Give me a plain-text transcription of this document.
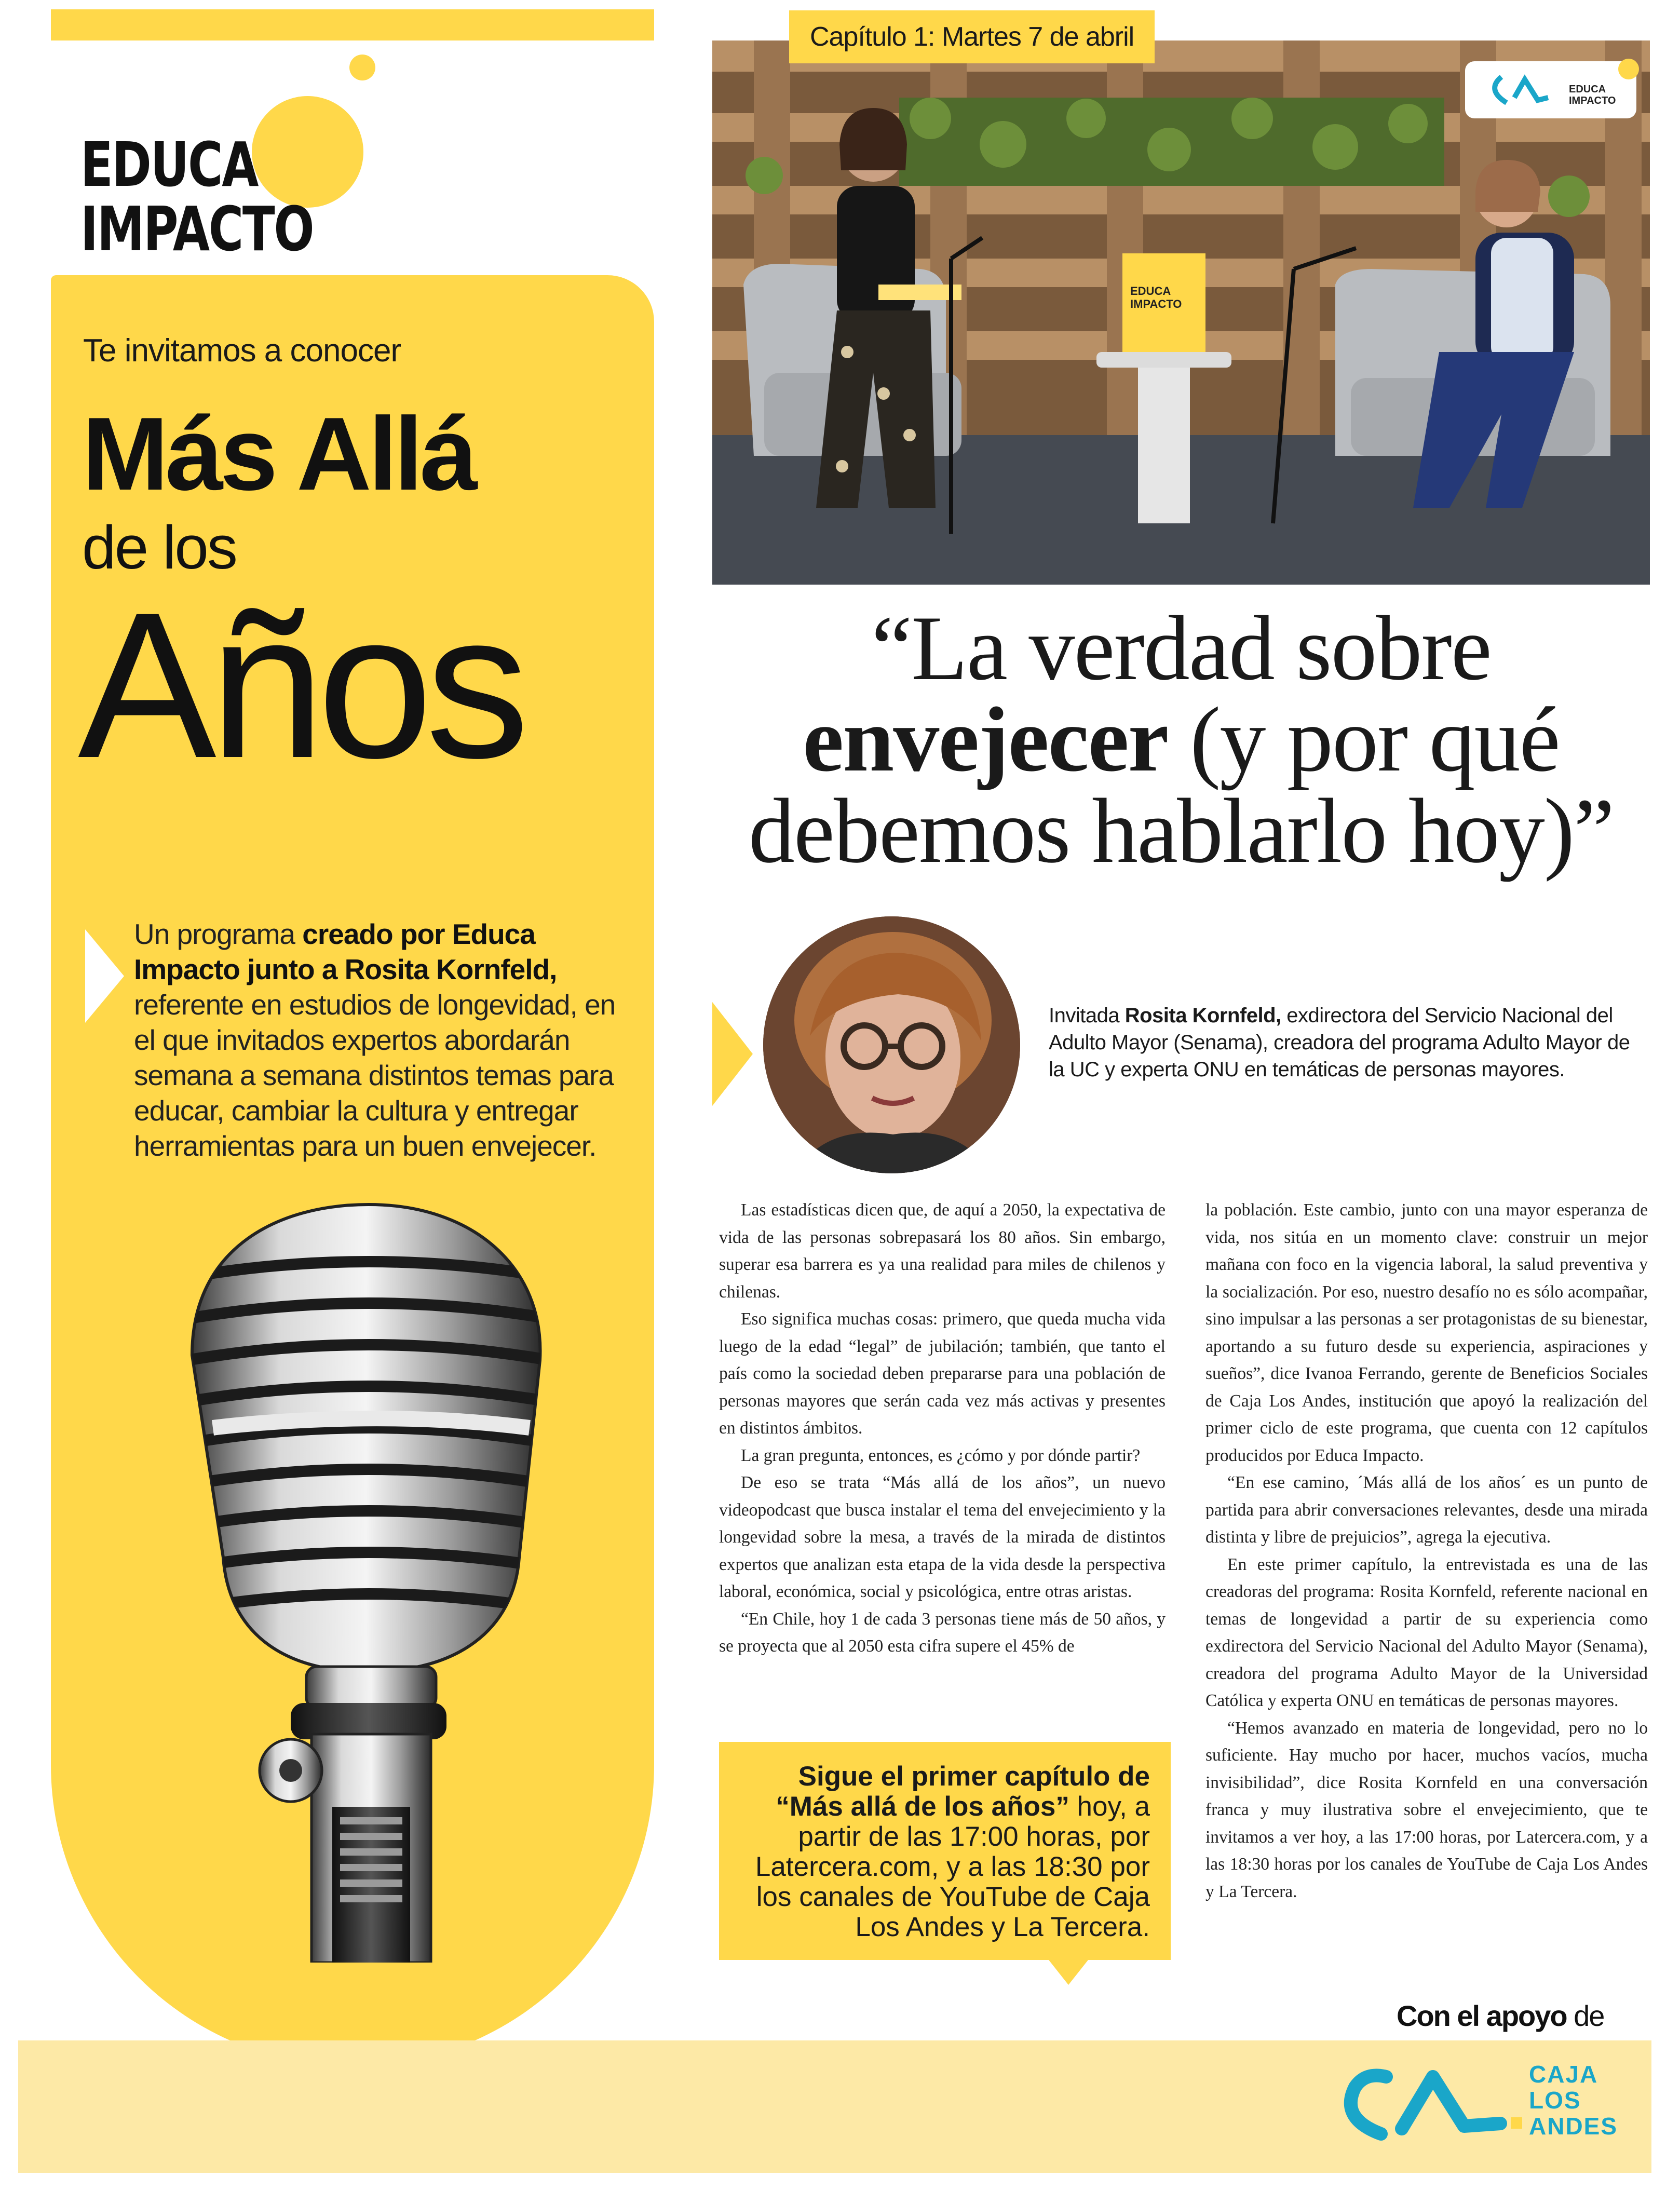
EDUCA
IMPACTO
Te invitamos a conocer
Más Allá
de los
Años
Un programa creado por Educa Impacto junto a Rosita Kornfeld, referente en estudios de longevidad, en el que invitados expertos abordarán semana a semana distintos temas para educar, cambiar la cultura y entregar herramientas para un buen envejecer.
EDUCA
IMPACTO
EDUCA
IMPACTO
Capítulo 1: Martes 7 de abril
“La verdad sobre
envejecer (y por qué
debemos hablarlo hoy)”
Invitada Rosita Kornfeld, exdirectora del Servicio Nacional del Adulto Mayor (Senama), creadora del programa Adulto Mayor de la UC y experta ONU en temáticas de personas mayores.

Las estadísticas dicen que, de aquí a 2050, la expectativa de vida de las personas sobrepasará los 80 años. Sin embargo, superar esa barrera es ya una realidad para miles de chilenos y chilenas.

Eso significa muchas cosas: primero, que queda mucha vida luego de la edad “legal” de jubilación; también, que tanto el país como la sociedad deben prepararse para una población de personas mayores que serán cada vez más activas y presentes en distintos ámbitos.

La gran pregunta, entonces, es ¿cómo y por dónde partir?

De eso se trata “Más allá de los años”, un nuevo videopodcast que busca instalar el tema del envejecimiento y la longevidad sobre la mesa, a través de la mirada de distintos expertos que analizan esta etapa de la vida desde la perspectiva laboral, económica, social y psicológica, entre otras aristas.

“En Chile, hoy 1 de cada 3 personas tiene más de 50 años, y se proyecta que al 2050 esta cifra supere el 45% de

la población. Este cambio, junto con una mayor esperanza de vida, nos sitúa en un momento clave: construir un mejor mañana con foco en la vigencia laboral, la salud preventiva y la socialización. Por eso, nuestro desafío no es sólo acompañar, sino impulsar a las personas a ser protagonistas de su bienestar, aportando a su futuro desde su experiencia, aspiraciones y sueños”, dice Ivanoa Ferrando, gerente de Beneficios Sociales de Caja Los Andes, institución que apoyó la realización del primer ciclo de este programa, que cuenta con 12 capítulos producidos por Educa Impacto.

“En ese camino, ´Más allá de los años´ es un punto de partida para abrir conversaciones relevantes, desde una mirada distinta y libre de prejuicios”, agrega la ejecutiva.

En este primer capítulo, la entrevistada es una de las creadoras del programa: Rosita Kornfeld, referente nacional en temas de longevidad a partir de su experiencia como exdirectora del Servicio Nacional del Adulto Mayor (Senama), creadora del programa Adulto Mayor de la Universidad Católica y experta ONU en temáticas de personas mayores.

“Hemos avanzado en materia de longevidad, pero no lo suficiente. Hay mucho por hacer, muchos vacíos, mucha invisibilidad”, dice Rosita Kornfeld en una conversación franca y muy ilustrativa sobre el envejecimiento, que te invitamos a ver hoy, a las 17:00 horas, por Latercera.com, y a las 18:30 horas por los canales de YouTube de Caja Los Andes y La Tercera.

Sigue el primer capítulo de “Más allá de los años” hoy, a partir de las 17:00 horas, por Latercera.com, y a las 18:30 por los canales de YouTube de Caja Los Andes y La Tercera.
Con el apoyo de
CAJA
LOS
ANDES
